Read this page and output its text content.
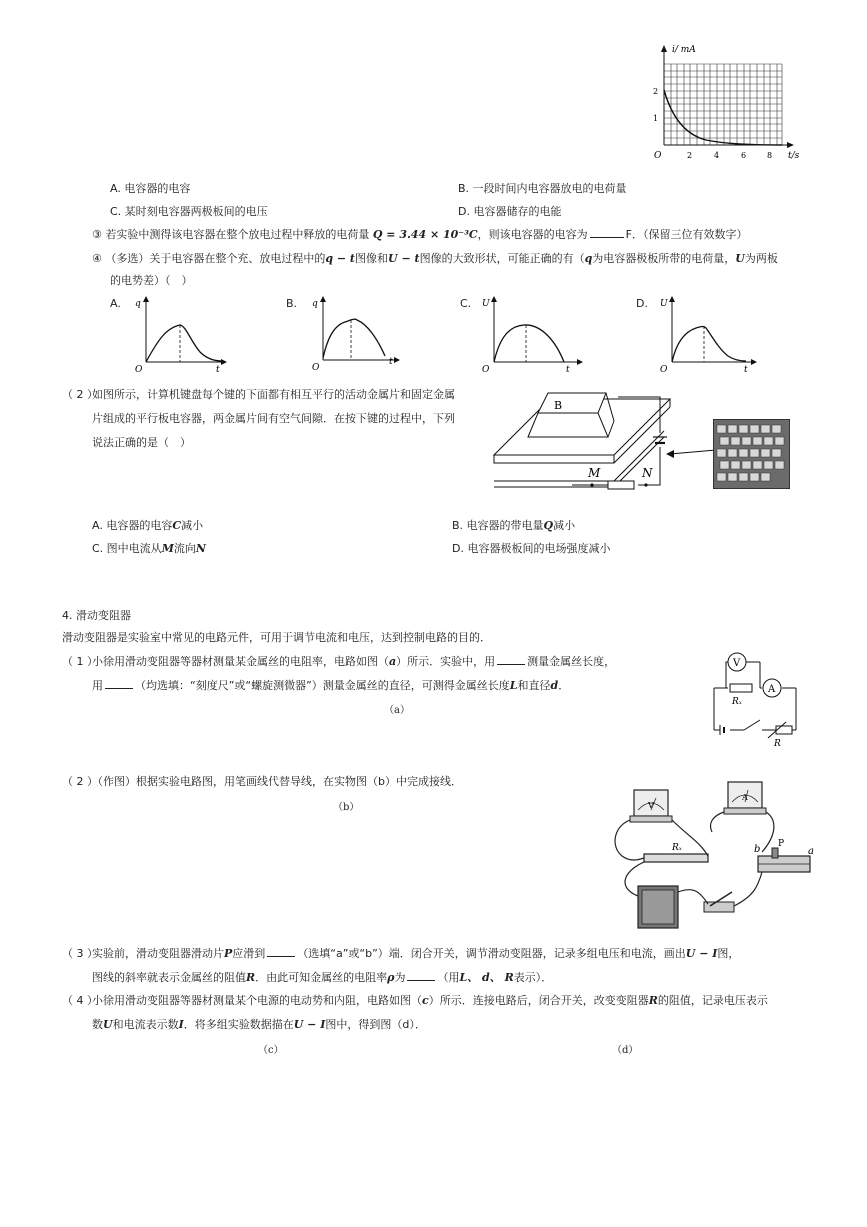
i/ mA
t/s
O
1
2
2	4	6	8
A. 电容器的电容	B. 一段时间内电容器放电的电荷量
C. 某时刻电容器两极板间的电压	D. 电容器储存的电能
③ 若实验中测得该电容器在整个放电过程中释放的电荷量 Q = 3.44 × 10⁻³C，则该电容器的电容为	F．（保留三位有效数字）
④ （多选）关于电容器在整个充、放电过程中的q − t图像和U − t图像的大致形状，可能正确的有（q为电容器极板所带的电荷量，U为两板
的电势差）（　）
A. q
t
O
B. q
t
O
C. U
t
O
D. U
t
O
（ 2 ）
如图所示，计算机键盘每个键的下面都有相互平行的活动金属片和固定金属
片组成的平行板电容器，两金属片间有空气间隙．在按下键的过程中，下列
说法正确的是（　）
B
M	N
A. 电容器的电容C减小	B. 电容器的带电量Q减小
C. 图中电流从M流向N	D. 电容器极板间的电场强度减小
4. 滑动变阻器
滑动变阻器是实验室中常见的电路元件，可用于调节电流和电压，达到控制电路的目的．
（ 1 ）
小徐用滑动变阻器等器材测量某金属丝的电阻率，电路如图（a）所示．实验中，用	测量金属丝长度，
用	（均选填：“刻度尺”或“螺旋测微器”）测量金属丝的直径，可测得金属丝长度L和直径d．
（a）
V
A
Rₓ
R
（ 2 ）
（作图）根据实验电路图，用笔画线代替导线，在实物图（b）中完成接线．
（b）	V
A
Rₓ	b P
a
（ 3 ）
实验前，滑动变阻器滑动片P应滑到	（选填“a”或“b”）端．闭合开关，调节滑动变阻器，记录多组电压和电流，画出U − I图，
图线的斜率就表示金属丝的阻值R．由此可知金属丝的电阻率ρ为	（用L、 d、 R表示）．
（ 4 ）
小徐用滑动变阻器等器材测量某个电源的电动势和内阻，电路如图（c）所示．连接电路后，闭合开关，改变变阻器R的阻值，记录电压表示
数U和电流表示数I．将多组实验数据描在U − I图中，得到图（d）．
（c）	（d）
